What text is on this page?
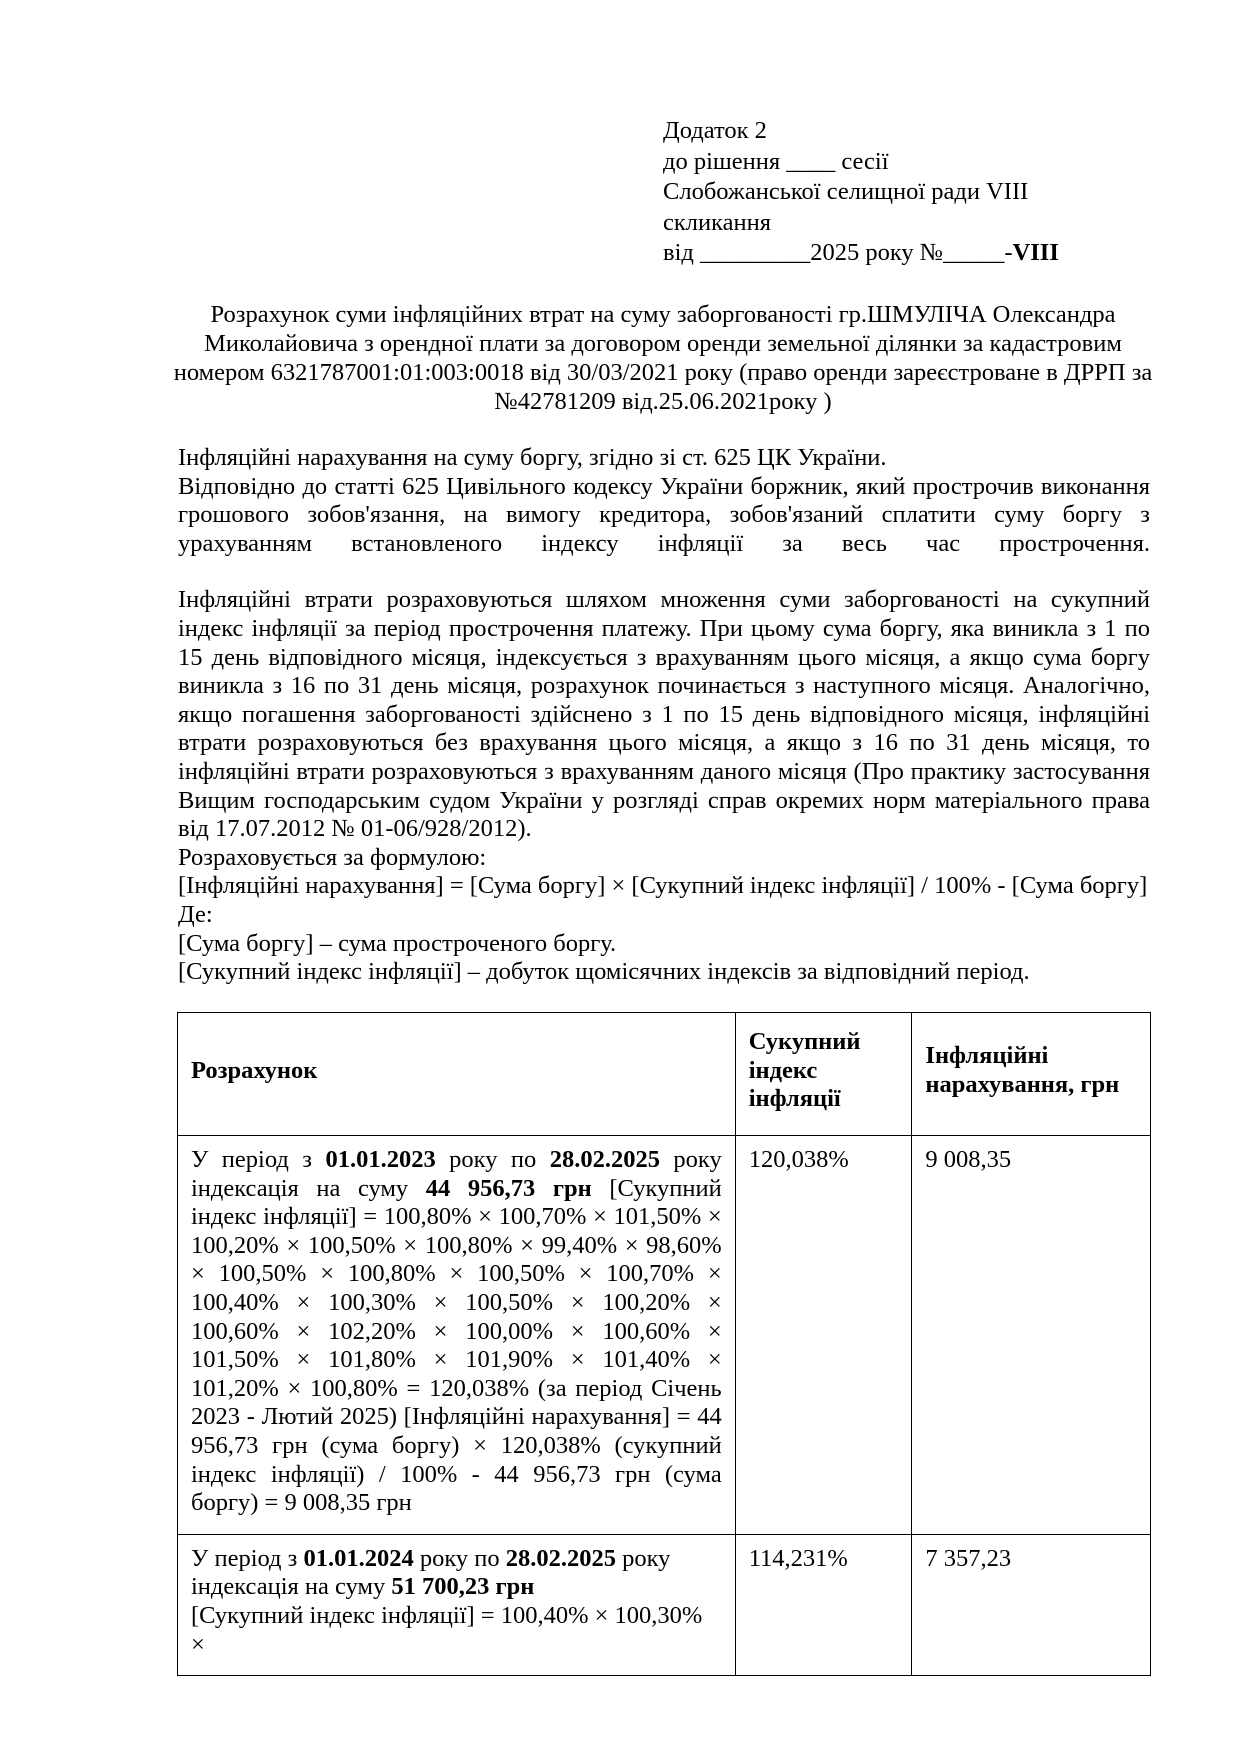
Додаток 2
до рішення ____ сесії
Слобожанської селищної ради VIII
скликання
від _________2025 року №_____-VIII
Розрахунок суми інфляційних втрат на суму заборгованості гр.ШМУЛІЧА Олександра Миколайовича з орендної плати за договором оренди земельної ділянки за кадастровим номером 6321787001:01:003:0018 від 30/03/2021 року (право оренди зареєстроване в ДРРП за №42781209 від.25.06.2021року )

Інфляційні нарахування на суму боргу, згідно зі ст. 625 ЦК України.

Відповідно до статті 625 Цивільного кодексу України боржник, який прострочив виконання грошового зобов'язання, на вимогу кредитора, зобов'язаний сплатити суму боргу з урахуванням встановленого індексу інфляції за весь час прострочення.

Інфляційні втрати розраховуються шляхом множення суми заборгованості на сукупний індекс інфляції за період прострочення платежу. При цьому сума боргу, яка виникла з 1 по 15 день відповідного місяця, індексується з врахуванням цього місяця, а якщо сума боргу виникла з 16 по 31 день місяця, розрахунок починається з наступного місяця. Аналогічно, якщо погашення заборгованості здійснено з 1 по 15 день відповідного місяця, інфляційні втрати розраховуються без врахування цього місяця, а якщо з 16 по 31 день місяця, то інфляційні втрати розраховуються з врахуванням даного місяця (Про практику застосування Вищим господарським судом України у розгляді справ окремих норм матеріального права від 17.07.2012 № 01-06/928/2012).

Розраховується за формулою:

[Інфляційні нарахування] = [Сума боргу] × [Сукупний індекс інфляції] / 100% - [Сума боргу]

Де:

[Сума боргу] – сума простроченого боргу.

[Сукупний індекс інфляції] – добуток щомісячних індексів за відповідний період.

Розрахунок	Сукупний індекс інфляції	Інфляційні нарахування, грн

У період з 01.01.2023 року по 28.02.2025 року індексація на суму 44 956,73 грн [Сукупний індекс інфляції] = 100,80% × 100,70% × 101,50% × 100,20% × 100,50% × 100,80% × 99,40% × 98,60% × 100,50% × 100,80% × 100,50% × 100,70% × 100,40% × 100,30% × 100,50% × 100,20% × 100,60% × 102,20% × 100,00% × 100,60% × 101,50% × 101,80% × 101,90% × 101,40% × 101,20% × 100,80% = 120,038% (за період Січень 2023 - Лютий 2025) [Інфляційні нарахування] = 44 956,73 грн (сума боргу) × 120,038% (сукупний індекс інфляції) / 100% - 44 956,73 грн (сума боргу) = 9 008,35 грн	120,038%	9 008,35

У період з 01.01.2024 року по 28.02.2025 року індексація на суму 51 700,23 грн
[Сукупний індекс інфляції] = 100,40% × 100,30% ×	114,231%	7 357,23
